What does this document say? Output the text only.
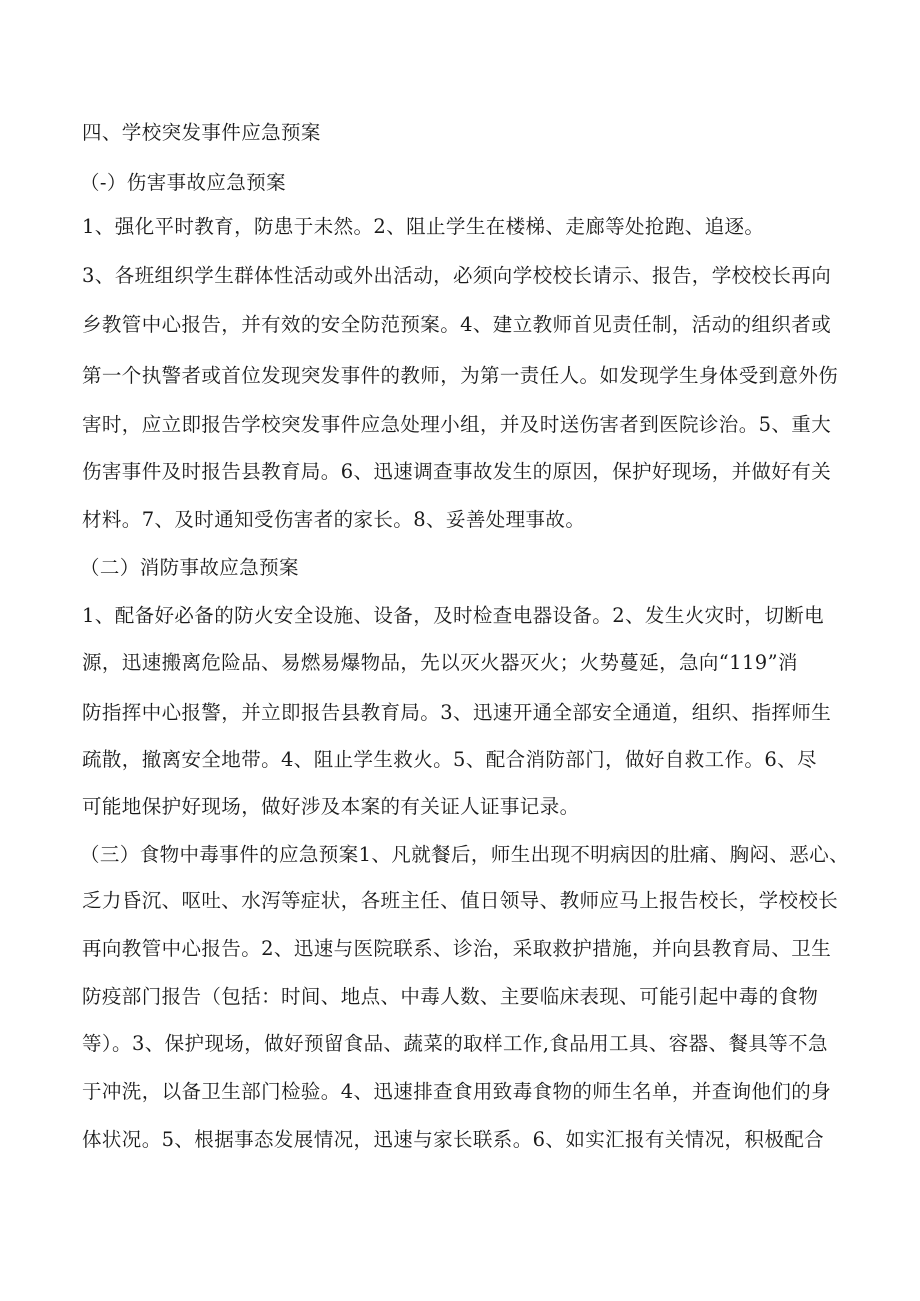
四、学校突发事件应急预案
（-）伤害事故应急预案
1、强化平时教育，防患于未然。2、阻止学生在楼梯、走廊等处抢跑、追逐。
3、各班组织学生群体性活动或外出活动，必须向学校校长请示、报告，学校校长再向
乡教管中心报告，并有效的安全防范预案。4、建立教师首见责任制，活动的组织者或
第一个执警者或首位发现突发事件的教师，为第一责任人。如发现学生身体受到意外伤
害时，应立即报告学校突发事件应急处理小组，并及时送伤害者到医院诊治。5、重大
伤害事件及时报告县教育局。6、迅速调查事故发生的原因，保护好现场，并做好有关
材料。7、及时通知受伤害者的家长。8、妥善处理事故。
（二）消防事故应急预案
1、配备好必备的防火安全设施、设备，及时检查电器设备。2、发生火灾时，切断电
源，迅速搬离危险品、易燃易爆物品，先以灭火器灭火；火势蔓延，急向“119”消
防指挥中心报警，并立即报告县教育局。3、迅速开通全部安全通道，组织、指挥师生
疏散，撤离安全地带。4、阻止学生救火。5、配合消防部门，做好自救工作。6、尽
可能地保护好现场，做好涉及本案的有关证人证事记录。
（三）食物中毒事件的应急预案1、凡就餐后，师生出现不明病因的肚痛、胸闷、恶心、
乏力昏沉、呕吐、水泻等症状，各班主任、值日领导、教师应马上报告校长，学校校长
再向教管中心报告。2、迅速与医院联系、诊治，采取救护措施，并向县教育局、卫生
防疫部门报告（包括：时间、地点、中毒人数、主要临床表现、可能引起中毒的食物
等）。3、保护现场，做好预留食品、蔬菜的取样工作,食品用工具、容器、餐具等不急
于冲洗，以备卫生部门检验。4、迅速排查食用致毒食物的师生名单，并查询他们的身
体状况。5、根据事态发展情况，迅速与家长联系。6、如实汇报有关情况，积极配合
